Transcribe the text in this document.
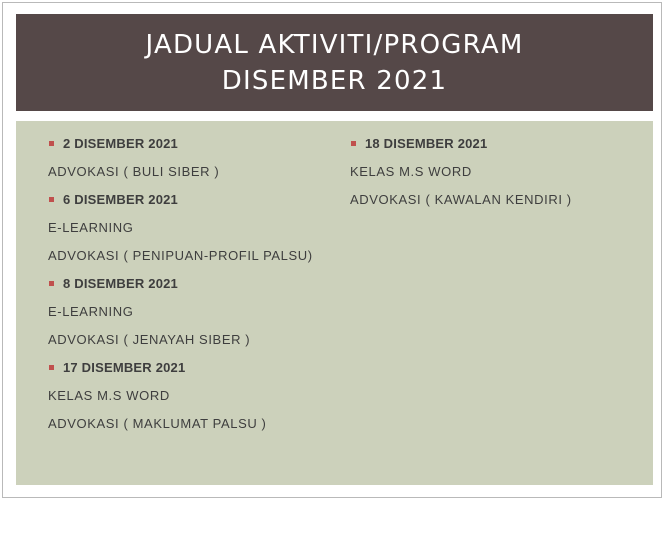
JADUAL AKTIVITI/PROGRAM
DISEMBER 2021
2 DISEMBER 2021
ADVOKASI ( BULI SIBER )
6 DISEMBER 2021
E-LEARNING
ADVOKASI ( PENIPUAN-PROFIL PALSU)
8 DISEMBER 2021
E-LEARNING
ADVOKASI ( JENAYAH SIBER )
17 DISEMBER 2021
KELAS M.S WORD
ADVOKASI ( MAKLUMAT PALSU )
18 DISEMBER 2021
KELAS M.S WORD
ADVOKASI ( KAWALAN KENDIRI )
